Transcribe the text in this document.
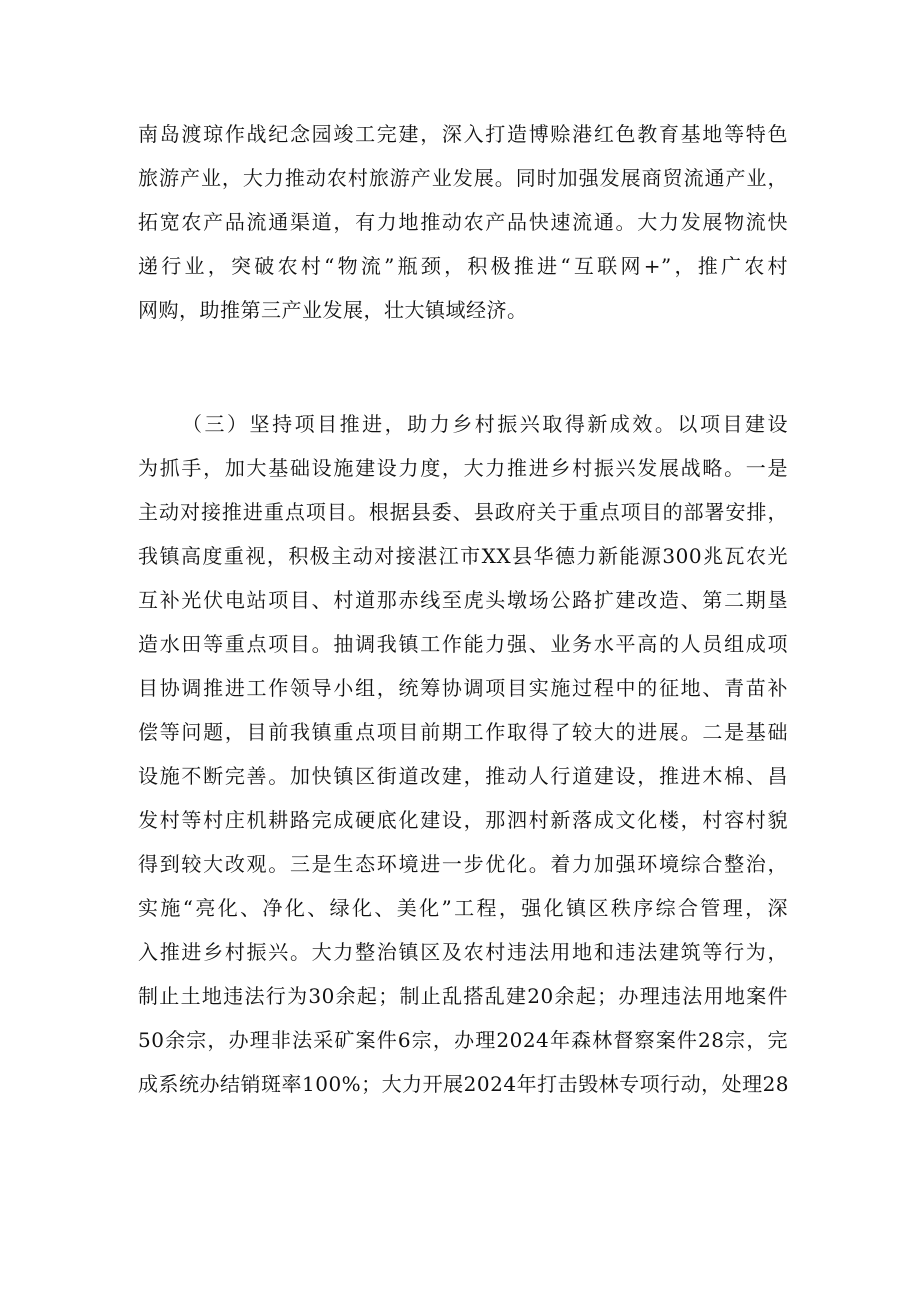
南岛渡琼作战纪念园竣工完建，深入打造博赊港红色教育基地等特色
旅游产业，大力推动农村旅游产业发展。同时加强发展商贸流通产业，
拓宽农产品流通渠道，有力地推动农产品快速流通。大力发展物流快
递行业，突破农村“物流”瓶颈，积极推进“互联网+”，推广农村
网购，助推第三产业发展，壮大镇域经济。
（三）坚持项目推进，助力乡村振兴取得新成效。以项目建设
为抓手，加大基础设施建设力度，大力推进乡村振兴发展战略。一是
主动对接推进重点项目。根据县委、县政府关于重点项目的部署安排，
我镇高度重视，积极主动对接湛江市XX县华德力新能源300兆瓦农光
互补光伏电站项目、村道那赤线至虎头墩场公路扩建改造、第二期垦
造水田等重点项目。抽调我镇工作能力强、业务水平高的人员组成项
目协调推进工作领导小组，统筹协调项目实施过程中的征地、青苗补
偿等问题，目前我镇重点项目前期工作取得了较大的进展。二是基础
设施不断完善。加快镇区街道改建，推动人行道建设，推进木棉、昌
发村等村庄机耕路完成硬底化建设，那泗村新落成文化楼，村容村貌
得到较大改观。三是生态环境进一步优化。着力加强环境综合整治，
实施“亮化、净化、绿化、美化”工程，强化镇区秩序综合管理，深
入推进乡村振兴。大力整治镇区及农村违法用地和违法建筑等行为，
制止土地违法行为30余起；制止乱搭乱建20余起；办理违法用地案件
50余宗，办理非法采矿案件6宗，办理2024年森林督察案件28宗，完
成系统办结销斑率100%；大力开展2024年打击毁林专项行动，处理28
